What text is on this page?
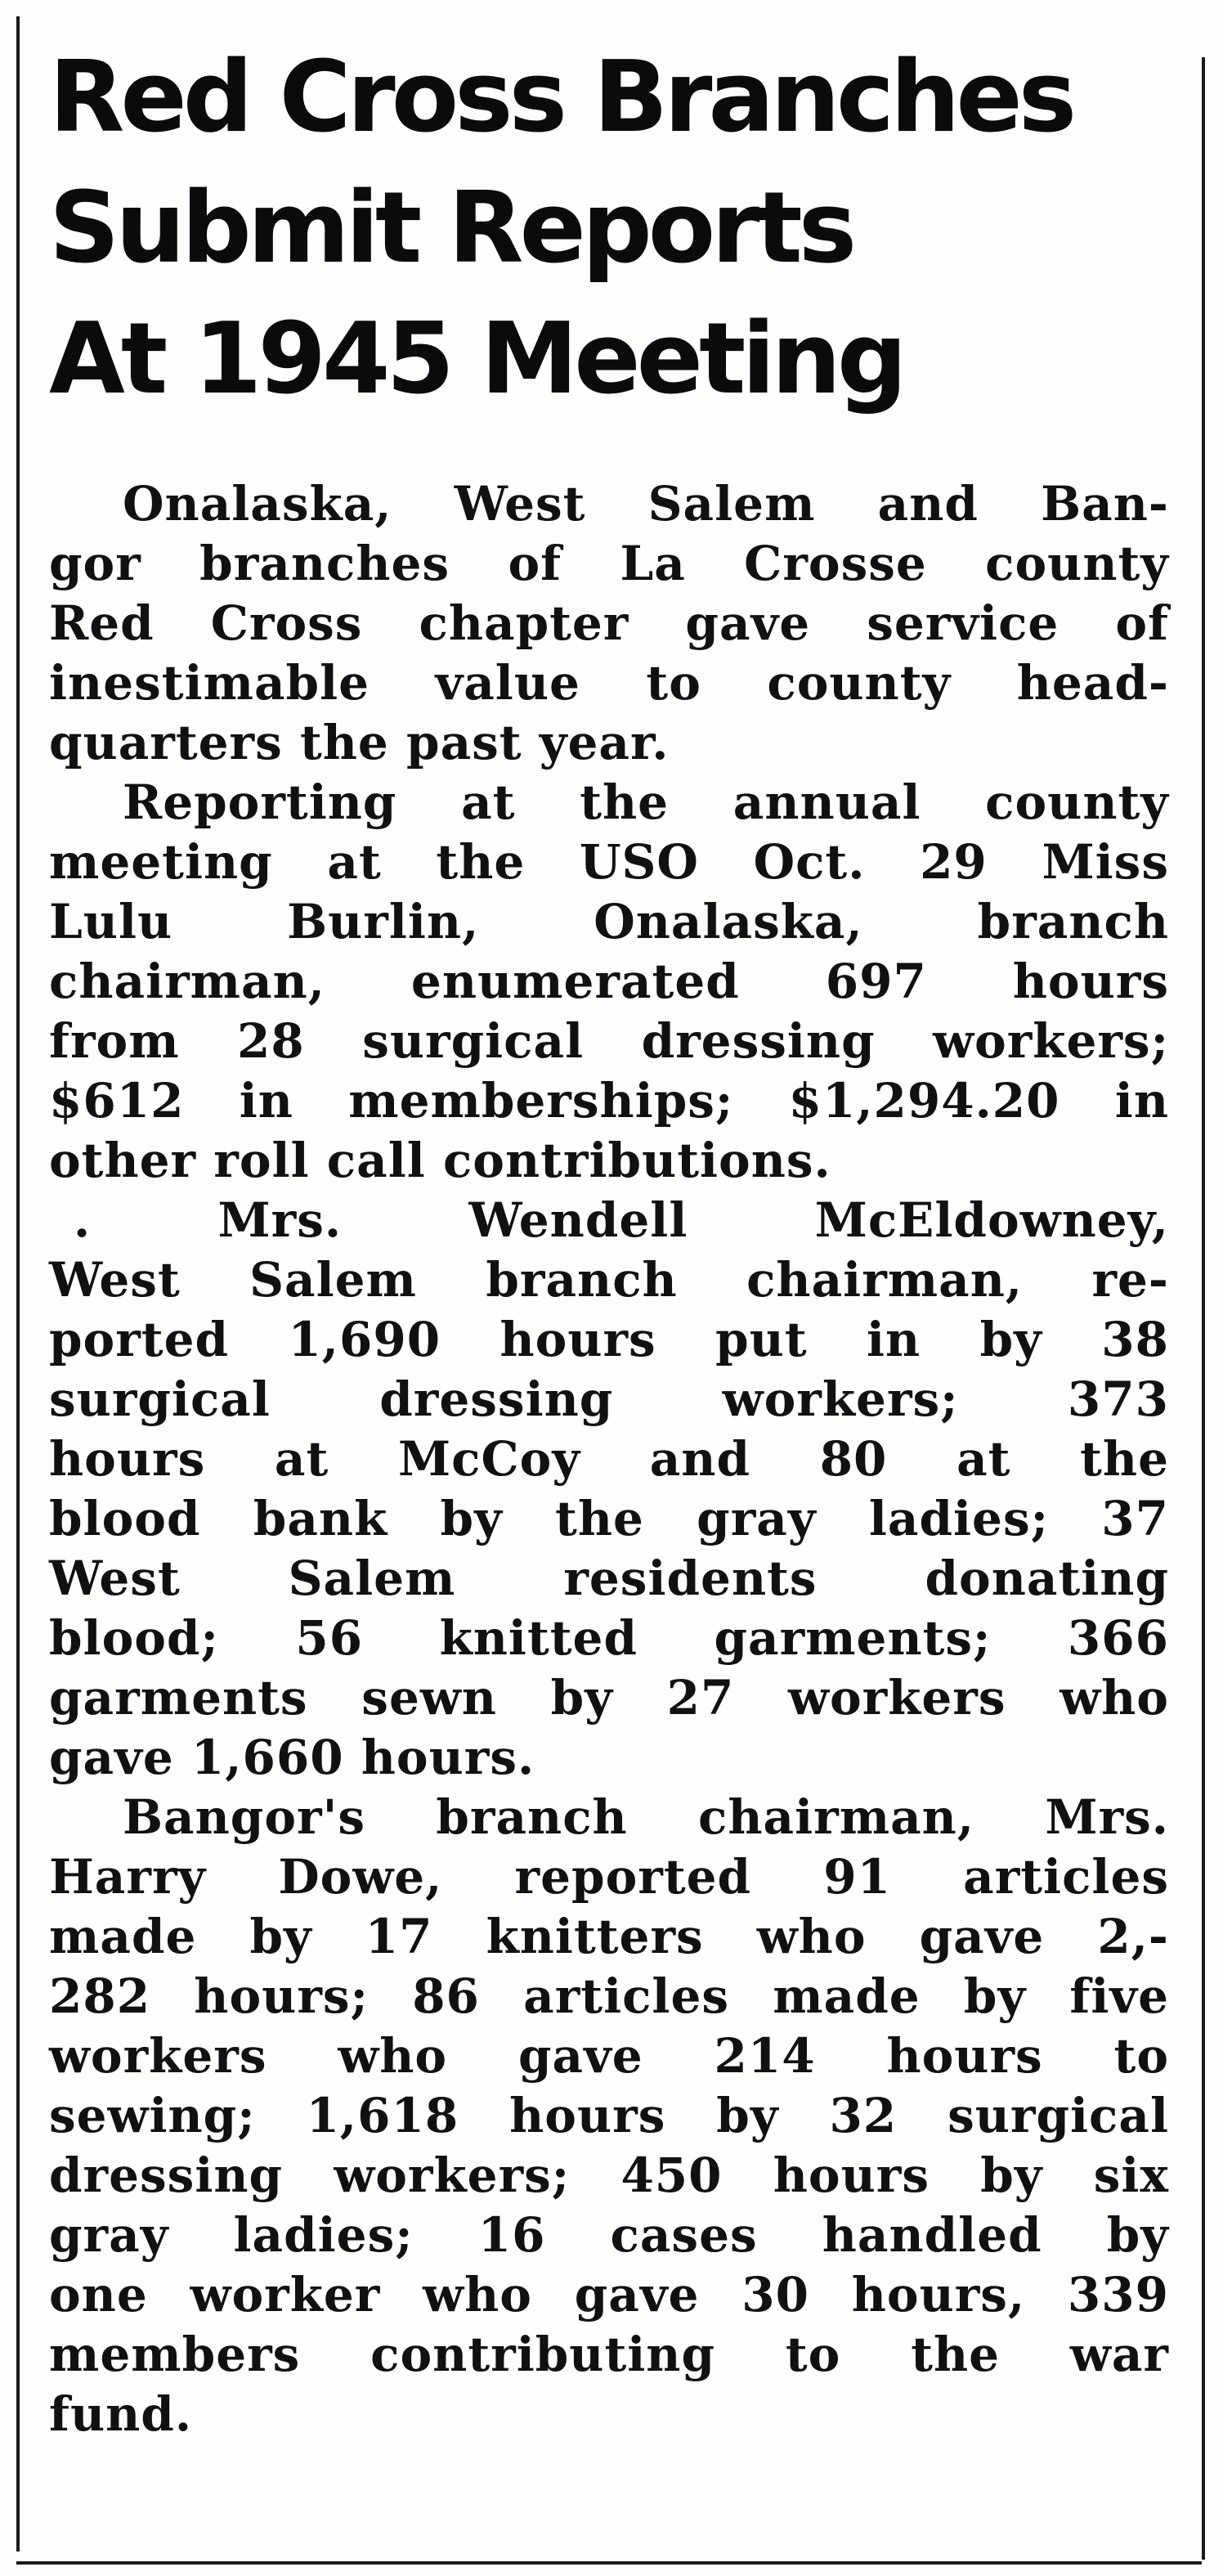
Red Cross Branches
Submit Reports
At 1945 Meeting
Onalaska, West Salem and Ban-
gor branches of La Crosse county
Red Cross chapter gave service of
inestimable value to county head-
quarters the past year.
Reporting at the annual county
meeting at the USO Oct. 29 Miss
Lulu Burlin, Onalaska, branch
chairman, enumerated 697 hours
from 28 surgical dressing workers;
$612 in memberships; $1,294.20 in
other roll call contributions.
. Mrs. Wendell McEldowney,
West Salem branch chairman, re-
ported 1,690 hours put in by 38
surgical dressing workers; 373
hours at McCoy and 80 at the
blood bank by the gray ladies; 37
West Salem residents donating
blood; 56 knitted garments; 366
garments sewn by 27 workers who
gave 1,660 hours.
Bangor's branch chairman, Mrs.
Harry Dowe, reported 91 articles
made by 17 knitters who gave 2,-
282 hours; 86 articles made by five
workers who gave 214 hours to
sewing; 1,618 hours by 32 surgical
dressing workers; 450 hours by six
gray ladies; 16 cases handled by
one worker who gave 30 hours, 339
members contributing to the war
fund.
